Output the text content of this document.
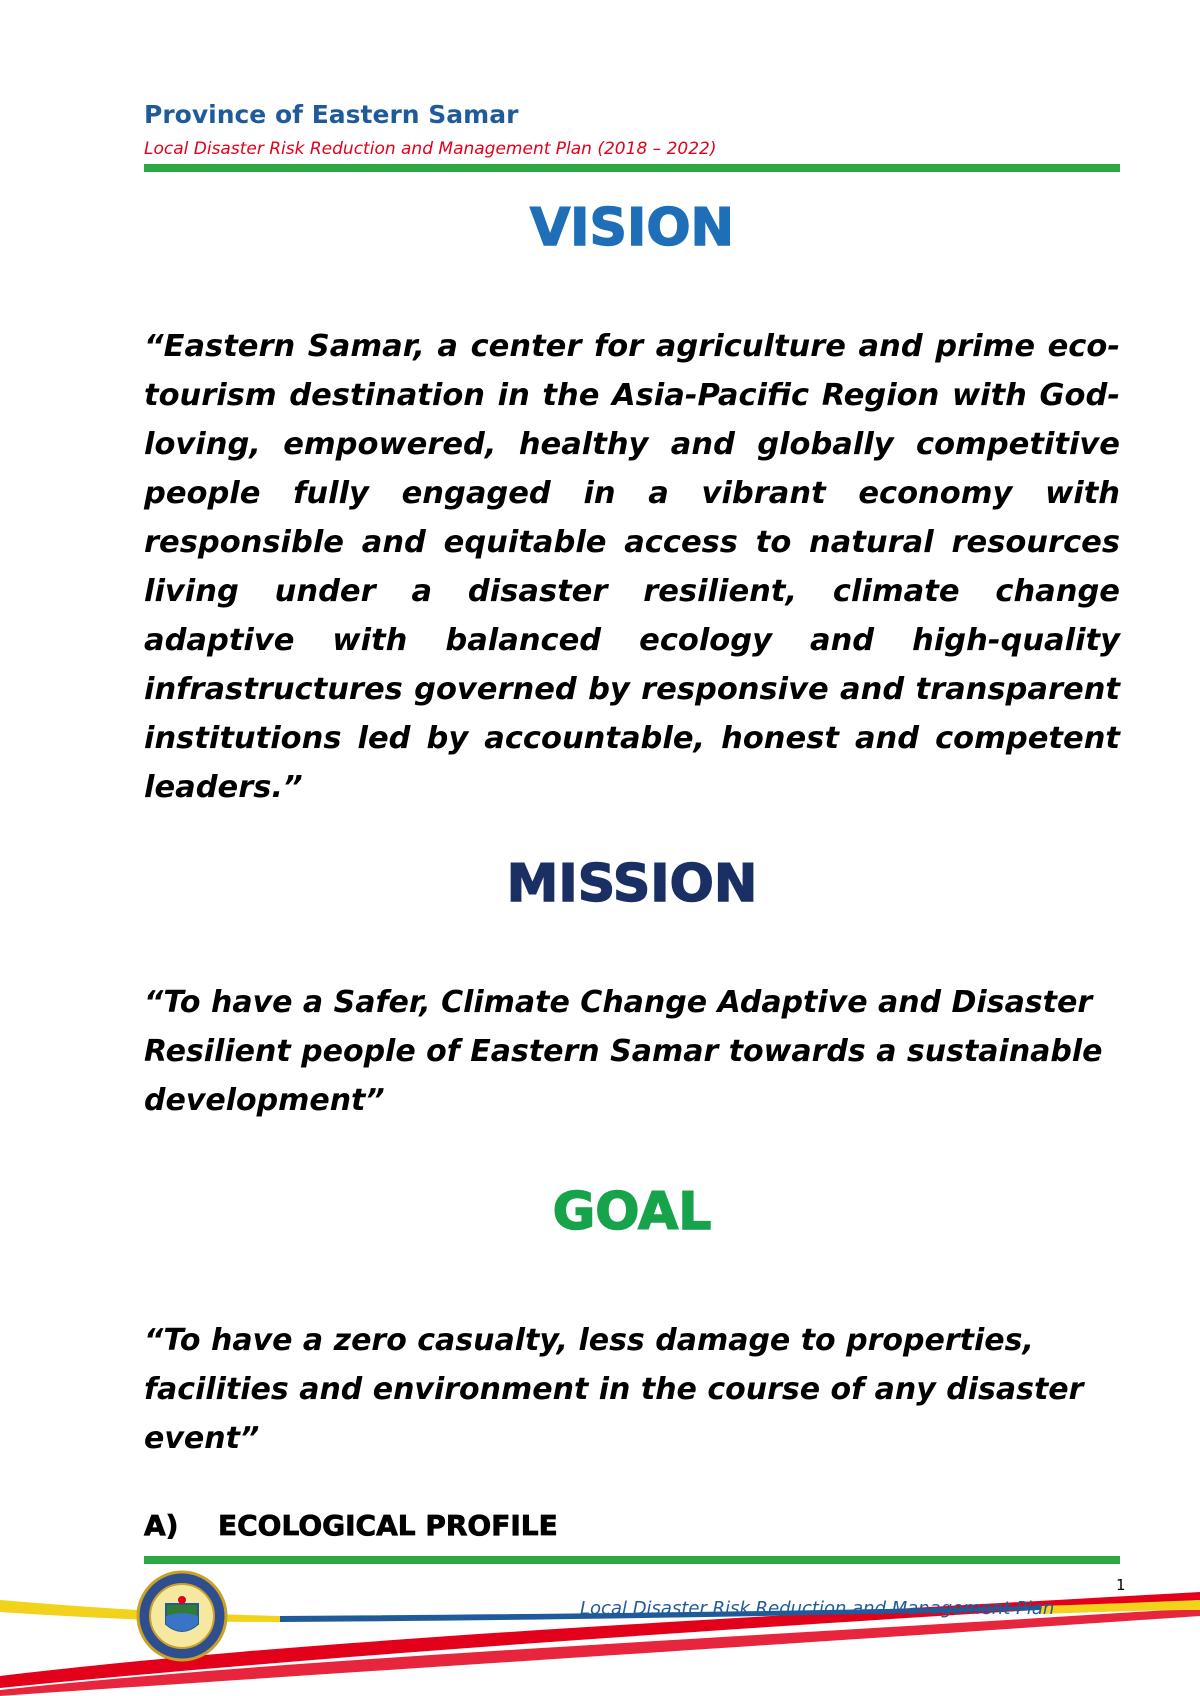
Province of Eastern Samar
Local Disaster Risk Reduction and Management Plan (2018 – 2022)
VISION

“Eastern Samar, a center for agriculture and prime eco-tourism destination in the Asia-Pacific Region with God-loving, empowered, healthy and globally competitive people fully engaged in a vibrant economy with responsible and equitable access to natural resources living under a disaster resilient, climate change adaptive with balanced ecology and high-quality infrastructures governed by responsive and transparent institutions led by accountable, honest and competent leaders.”

MISSION

“To have a Safer, Climate Change Adaptive and Disaster Resilient people of Eastern Samar towards a sustainable development”

GOAL

“To have a zero casualty, less damage to properties, facilities and environment in the course of any disaster event”

A) ECOLOGICAL PROFILE
1
Local Disaster Risk Reduction and Management Plan
